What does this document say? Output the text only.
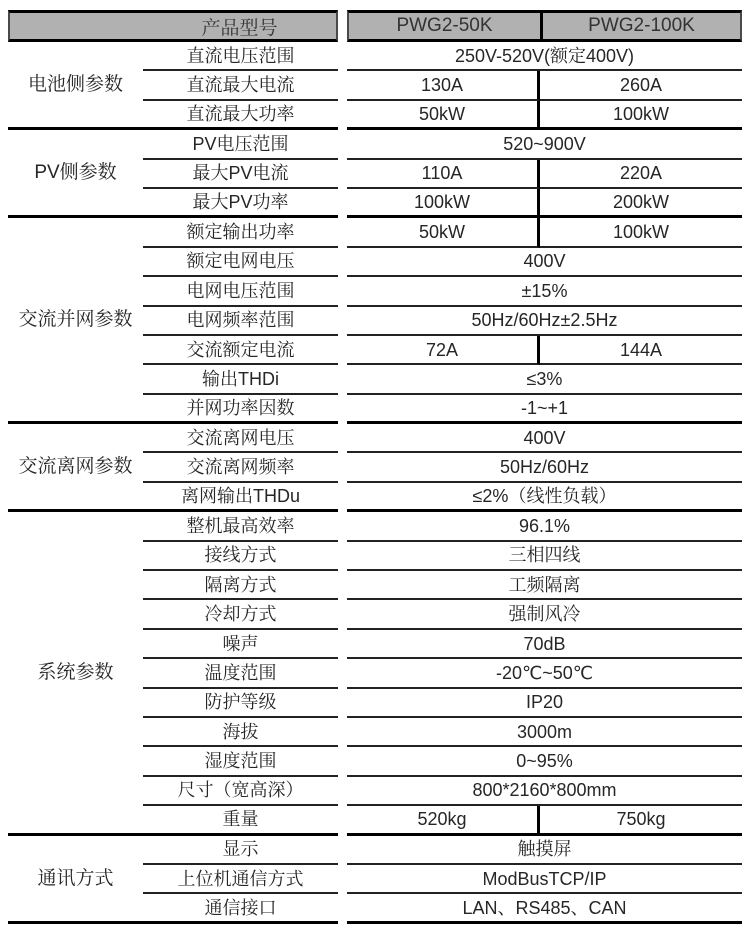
产品型号	PWG2-50K	PWG2-100K
电池侧参数
直流电压范围	250V-520V(额定400V)
直流最大电流	130A	260A
直流最大功率	50kW	100kW
PV侧参数
PV电压范围	520~900V
最大PV电流	110A	220A
最大PV功率	100kW	200kW
交流并网参数
额定输出功率	50kW	100kW
额定电网电压	400V
电网电压范围	±15%
电网频率范围	50Hz/60Hz±2.5Hz
交流额定电流	72A	144A
输出THDi	≤3%
并网功率因数	-1~+1
交流离网参数
交流离网电压	400V
交流离网频率	50Hz/60Hz
离网输出THDu	≤2%（线性负载）
系统参数
整机最高效率	96.1%
接线方式	三相四线
隔离方式	工频隔离
冷却方式	强制风冷
噪声	70dB
温度范围	-20℃~50℃
防护等级	IP20
海拔	3000m
湿度范围	0~95%
尺寸（宽高深）	800*2160*800mm
重量	520kg	750kg
通讯方式
显示	触摸屏
上位机通信方式	ModBusTCP/IP
通信接口	LAN、RS485、CAN
